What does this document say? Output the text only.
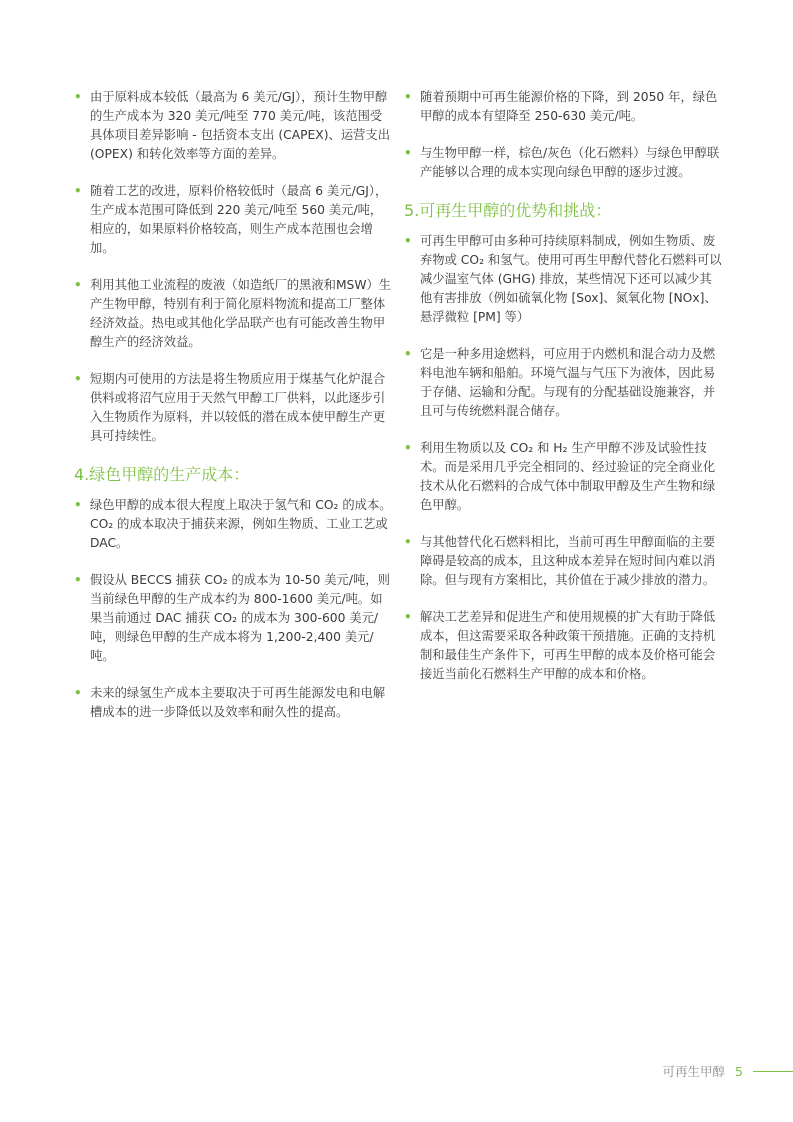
• 由于原料成本较低（最高为 6 美元/GJ），预计生物甲醇的生产成本为 320 美元/吨至 770 美元/吨，该范围受具体项目差异影响 - 包括资本支出 (CAPEX)、运营支出 (OPEX) 和转化效率等方面的差异。
• 随着工艺的改进，原料价格较低时（最高 6 美元/GJ），生产成本范围可降低到 220 美元/吨至 560 美元/吨，相应的，如果原料价格较高，则生产成本范围也会增加。
• 利用其他工业流程的废液（如造纸厂的黑液和MSW）生产生物甲醇，特别有利于简化原料物流和提高工厂整体经济效益。热电或其他化学品联产也有可能改善生物甲醇生产的经济效益。
• 短期内可使用的方法是将生物质应用于煤基气化炉混合供料或将沼气应用于天然气甲醇工厂供料，以此逐步引入生物质作为原料，并以较低的潜在成本使甲醇生产更具可持续性。
4.绿色甲醇的生产成本：
• 绿色甲醇的成本很大程度上取决于氢气和 CO₂ 的成本。CO₂ 的成本取决于捕获来源，例如生物质、工业工艺或 DAC。
• 假设从 BECCS 捕获 CO₂ 的成本为 10-50 美元/吨，则当前绿色甲醇的生产成本约为 800-1600 美元/吨。如果当前通过 DAC 捕获 CO₂ 的成本为 300-600 美元/吨，则绿色甲醇的生产成本将为 1,200-2,400 美元/吨。
• 未来的绿氢生产成本主要取决于可再生能源发电和电解槽成本的进一步降低以及效率和耐久性的提高。
• 随着预期中可再生能源价格的下降，到 2050 年，绿色甲醇的成本有望降至 250-630 美元/吨。
• 与生物甲醇一样，棕色/灰色（化石燃料）与绿色甲醇联产能够以合理的成本实现向绿色甲醇的逐步过渡。
5.可再生甲醇的优势和挑战：
• 可再生甲醇可由多种可持续原料制成，例如生物质、废弃物或 CO₂ 和氢气。使用可再生甲醇代替化石燃料可以减少温室气体 (GHG) 排放，某些情况下还可以减少其他有害排放（例如硫氧化物 [Sox]、氮氧化物 [NOx]、悬浮微粒 [PM] 等）
• 它是一种多用途燃料，可应用于内燃机和混合动力及燃料电池车辆和船舶。环境气温与气压下为液体，因此易于存储、运输和分配。与现有的分配基础设施兼容，并且可与传统燃料混合储存。
• 利用生物质以及 CO₂ 和 H₂ 生产甲醇不涉及试验性技术。而是采用几乎完全相同的、经过验证的完全商业化技术从化石燃料的合成气体中制取甲醇及生产生物和绿色甲醇。
• 与其他替代化石燃料相比，当前可再生甲醇面临的主要障碍是较高的成本，且这种成本差异在短时间内难以消除。但与现有方案相比，其价值在于减少排放的潜力。
• 解决工艺差异和促进生产和使用规模的扩大有助于降低成本，但这需要采取各种政策干预措施。正确的支持机制和最佳生产条件下，可再生甲醇的成本及价格可能会接近当前化石燃料生产甲醇的成本和价格。
可再生甲醇 5
